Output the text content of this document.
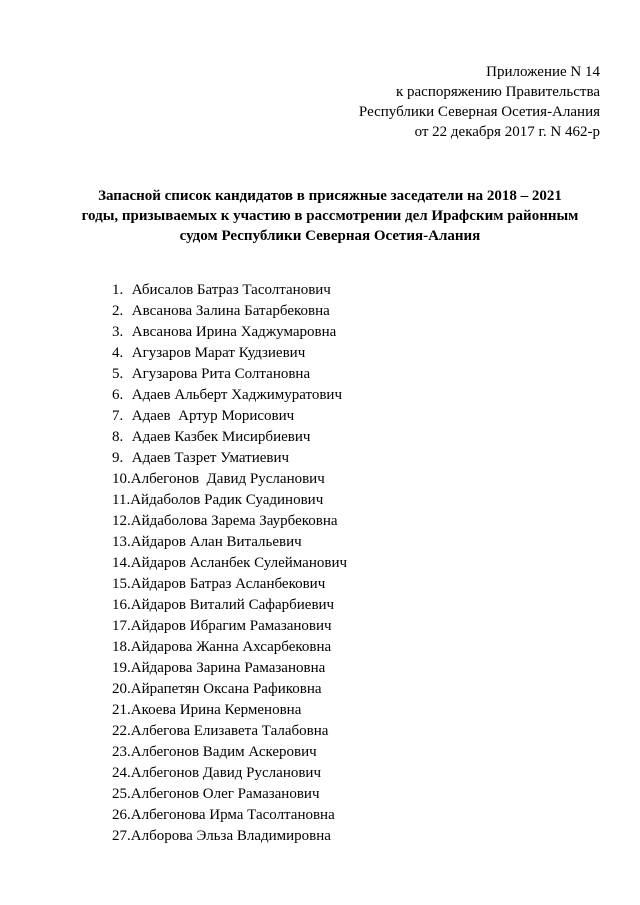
Приложение N 14
к распоряжению Правительства
Республики Северная Осетия-Алания
от 22 декабря 2017 г. N 462-р
Запасной список кандидатов в присяжные заседатели на 2018 – 2021
годы, призываемых к участию в рассмотрении дел Ирафским районным
судом Республики Северная Осетия-Алания
1. Абисалов Батраз Тасолтанович
2. Авсанова Залина Батарбековна
3. Авсанова Ирина Хаджумаровна
4. Агузаров Марат Кудзиевич
5. Агузарова Рита Солтановна
6. Адаев Альберт Хаджимуратович
7. Адаев  Артур Морисович
8. Адаев Казбек Мисирбиевич
9. Адаев Тазрет Уматиевич
10.Албегонов  Давид Русланович
11.Айдаболов Радик Суадинович
12.Айдаболова Зарема Заурбековна
13.Айдаров Алан Витальевич
14.Айдаров Асланбек Сулейманович
15.Айдаров Батраз Асланбекович
16.Айдаров Виталий Сафарбиевич
17.Айдаров Ибрагим Рамазанович
18.Айдарова Жанна Ахсарбековна
19.Айдарова Зарина Рамазановна
20.Айрапетян Оксана Рафиковна
21.Акоева Ирина Керменовна
22.Албегова Елизавета Талабовна
23.Албегонов Вадим Аскерович
24.Албегонов Давид Русланович
25.Албегонов Олег Рамазанович
26.Албегонова Ирма Тасолтановна
27.Алборова Эльза Владимировна
